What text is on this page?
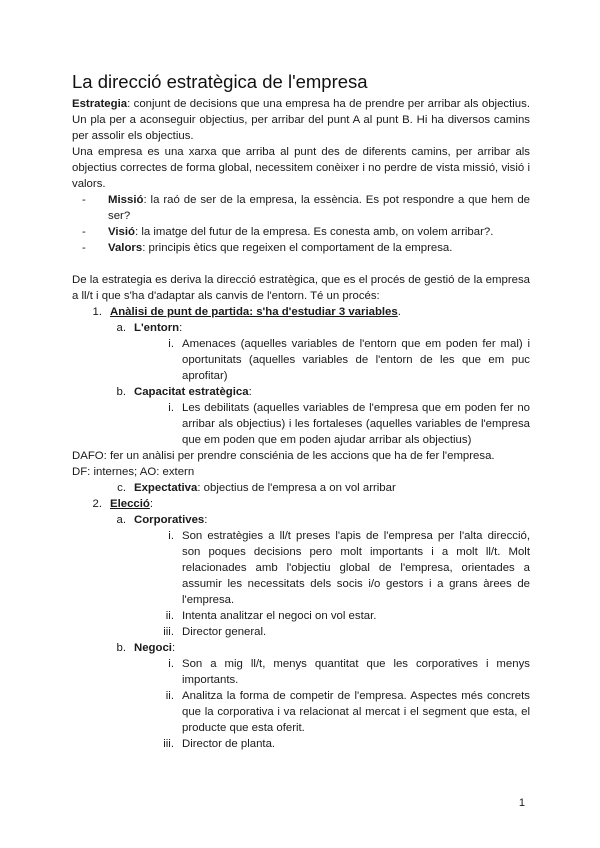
La direcció estratègica de l'empresa

Estrategia: conjunt de decisions que una empresa ha de prendre per arribar als objectius. Un pla per a aconseguir objectius, per arribar del punt A al punt B. Hi ha diversos camins per assolir els objectius.

Una empresa es una xarxa que arriba al punt des de diferents camins, per arribar als objectius correctes de forma global, necessitem conèixer i no perdre de vista missió, visió i valors.

-	Missió: la raó de ser de la empresa, la essència. Es pot respondre a que hem de ser?
-	Visió: la imatge del futur de la empresa. Es conesta amb, on volem arribar?.
-	Valors: principis ètics que regeixen el comportament de la empresa.

De la estrategia es deriva la direcció estratègica, que es el procés de gestió de la empresa a ll/t i que s'ha d'adaptar als canvis de l'entorn. Té un procés:

1. Anàlisi de punt de partida: s'ha d'estudiar 3 variables.
a. L'entorn:
i. Amenaces (aquelles variables de l'entorn que em poden fer mal) i oportunitats (aquelles variables de l'entorn de les que em puc aprofitar)
b. Capacitat estratègica:
i. Les debilitats (aquelles variables de l'empresa que em poden fer no arribar als objectius) i les fortaleses (aquelles variables de l'empresa que em poden que em poden ajudar arribar als objectius)

DAFO: fer un anàlisi per prendre consciénia de les accions que ha de fer l'empresa.

DF: internes; AO: extern

c. Expectativa: objectius de l'empresa a on vol arribar
2. Elecció:
a. Corporatives:
i. Son estratègies a ll/t preses l'apis de l'empresa per l'alta direcció, son poques decisions pero molt importants i a molt ll/t. Molt relacionades amb l'objectiu global de l'empresa, orientades a assumir les necessitats dels socis i/o gestors i a grans àrees de l'empresa.
ii. Intenta analitzar el negoci on vol estar.
iii. Director general.
b. Negoci:
i. Son a mig ll/t, menys quantitat que les corporatives i menys importants.
ii. Analitza la forma de competir de l'empresa. Aspectes més concrets que la corporativa i va relacionat al mercat i el segment que esta, el producte que esta oferit.
iii. Director de planta.
1
